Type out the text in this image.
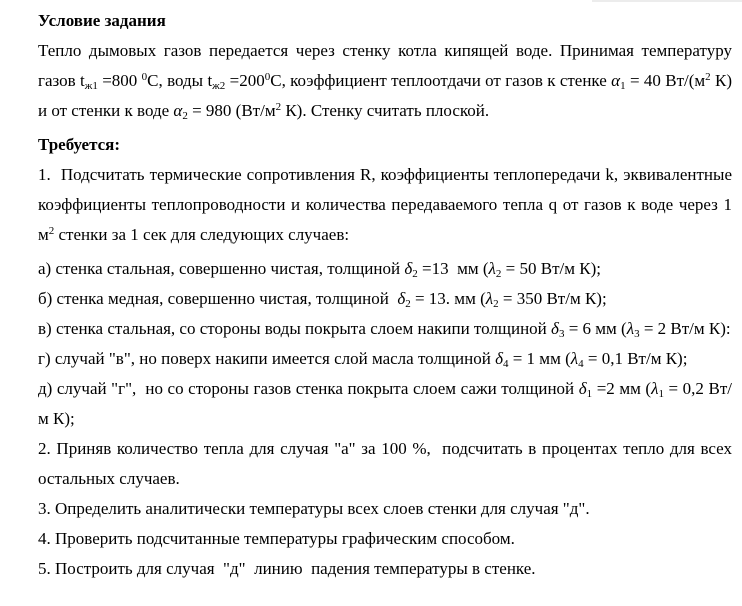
Условие задания

Тепло дымовых газов передается через стенку котла кипящей воде. Принимая температуру газов $t_{ж1} =800$ $^0$С, воды $t_{ж2} =200^0С$, коэффициент теплоотдачи от газов к стенке $\alpha_1 = 40$ $Вт/(м^2$ К) и от стенки к воде $\alpha_2 = 980$ ($Вт/м^2$ К). Стенку считать плоской.

Требуется:

1.  Подсчитать термические сопротивления R, коэффициенты теплопередачи k, эквивалентные коэффициенты теплопроводности и количества передаваемого тепла q от газов к воде через 1 $м^2$ стенки за 1 сек для следующих случаев:

а) стенка стальная, совершенно чистая, толщиной $\delta_2 =13$  мм ($\lambda_2 = 50$ Вт/м К);

б) стенка медная, совершенно чистая, толщиной  $\delta_2 = 13$. мм ($\lambda_2 = 350$ Вт/м К);

в) стенка стальная, со стороны воды покрыта слоем накипи толщиной $\delta_3 = 6$ мм ($\lambda_3 = 2$ Вт/м К):

г) случай "в", но поверх накипи имеется слой масла толщиной $\delta_4 = 1$ мм ($\lambda_4 = 0,1$ Вт/м К);

д) случай "г",  но со стороны газов стенка покрыта слоем сажи толщиной $\delta_1 =2$ мм ($\lambda_1 = 0,2$ Вт/м К);

2. Приняв количество тепла для случая "а" за 100 %,  подсчитать в процентах тепло для всех остальных случаев.

3. Определить аналитически температуры всех слоев стенки для случая "д".

4. Проверить подсчитанные температуры графическим способом.

5. Построить для случая  "д"  линию  падения температуры в стенке.
